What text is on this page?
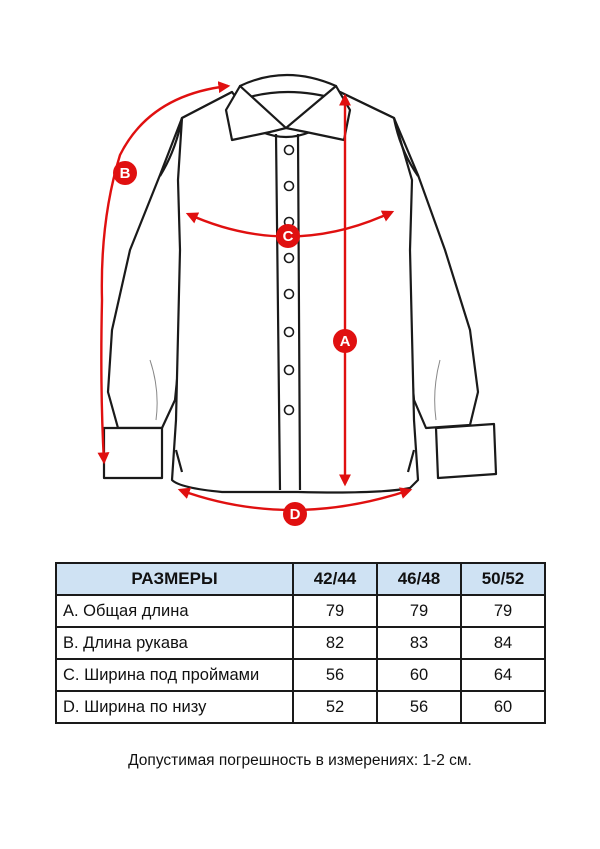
A
B
C
D
РАЗМЕРЫ	42/44	46/48	50/52
A. Общая длина	79	79	79
B. Длина рукава	82	83	84
C. Ширина под проймами	56	60	64
D. Ширина по низу	52	56	60
Допустимая погрешность в измерениях: 1-2 см.
